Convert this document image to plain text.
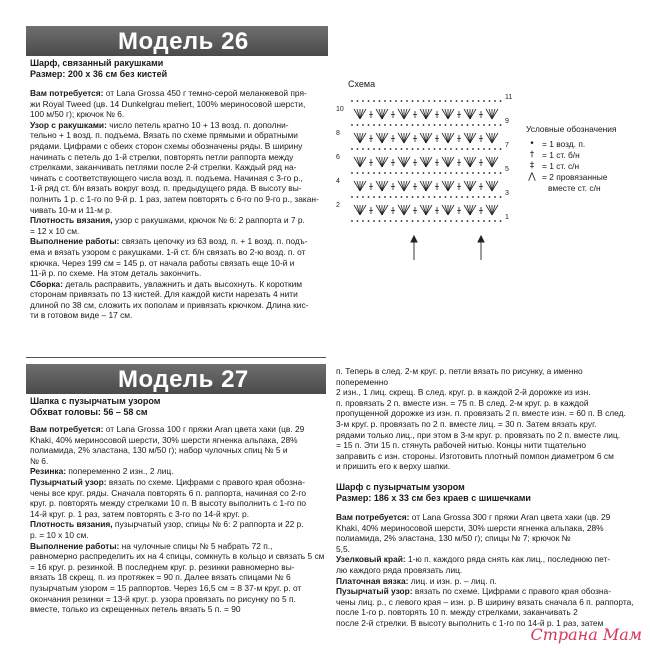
Модель 26
Шарф, связанный ракушками
Размер: 200 х 36 см без кистей

Вам потребуется: от Lana Grossa 450 г темно-серой меланжевой пря-
жи Royal Tweed (цв. 14 Dunkelgrau meliert, 100% мериносовой шерсти,
100 м/50 г); крючок № 6.

Узор с ракушками: число петель кратно 10 + 13 возд. п. дополни-
тельно + 1 возд. п. подъема. Вязать по схеме прямыми и обратными
рядами. Цифрами с обеих сторон схемы обозначены ряды. В ширину
начинать с петель до 1-й стрелки, повторять петли раппорта между
стрелками, заканчивать петлями после 2-й стрелки. Каждый ряд на-
чинать с соответствующего числа возд. п. подъема. Начиная с 3-го р.,
1-й ряд ст. б/н вязать вокруг возд. п. предыдущего ряда. В высоту вы-
полнить 1 р. с 1-го по 9-й р. 1 раз, затем повторять с 6-го по 9-го р., закан-
чивать 10-м и 11-м р.

Плотность вязания, узор с ракушками, крючок № 6: 2 раппорта и 7 р.
= 12 х 10 см.

Выполнение работы: связать цепочку из 63 возд. п. + 1 возд. п. подъ-
ема и вязать узором с ракушками. 1-й ст. б/н связать во 2-ю возд. п. от
крючка. Через 199 см = 145 р. от начала работы связать еще 10-й и
11-й р. по схеме. На этом деталь закончить.

Сборка: деталь расправить, увлажнить и дать высохнуть. К коротким
сторонам привязать по 13 кистей. Для каждой кисти нарезать 4 нити
длиной по 38 см, сложить их пополам и привязать крючком. Длина кис-
ти в готовом виде – 17 см.

Схема
10
8
6
4
2
11
9
7
5
3
1
Условные обозначения
• = 1 возд. п.
† = 1 ст. б/н
‡ = 1 ст. с/н
⋀ = 2 провязанные
вместе ст. с/н
Модель 27
Шапка с пузырчатым узором
Обхват головы: 56 – 58 см

Вам потребуется: от Lana Grossa 100 г пряжи Aran цвета хаки (цв. 29
Khaki, 40% мериносовой шерсти, 30% шерсти ягненка альпака, 28%
полиамида, 2% эластана, 130 м/50 г); набор чулочных спиц № 5 и
№ 6.

Резинка: попеременно 2 изн., 2 лиц.

Пузырчатый узор: вязать по схеме. Цифрами с правого края обозна-
чены все круг. ряды. Сначала повторять 6 п. раппорта, начиная со 2-го
круг. р. повторять между стрелками 10 п. В высоту выполнить с 1-го по
14-й круг. р. 1 раз, затем повторять с 3-го по 14-й круг. р.

Плотность вязания, пузырчатый узор, спицы № 6: 2 раппорта и 22 р.
р. = 10 х 10 см.

Выполнение работы: на чулочные спицы № 5 набрать 72 п.,
равномерно распределить их на 4 спицы, сомкнуть в кольцо и связать 5 см
= 16 круг. р. резинкой. В последнем круг. р. резинки равномерно вы-
вязать 18 скрещ. п. из протяжек = 90 п. Далее вязать спицами № 6
пузырчатым узором = 15 раппортов. Через 16,5 см = 8 37-м круг. р. от
окончания резинки = 13-й круг. р. узора провязать по рисунку по 5 п.
вместе, только из скрещенных петель вязать 5 п. = 90

п. Теперь в след. 2-м круг. р. петли вязать по рисунку, а именно попеременно
2 изн., 1 лиц. скрещ. В след. круг. р. в каждой 2-й дорожке из изн.
п. провязать 2 п. вместе изн. = 75 п. В след. 2-м круг. р. в каждой
пропущенной дорожке из изн. п. провязать 2 п. вместе изн. = 60 п. В след.
3-м круг. р. провязать по 2 п. вместе лиц. = 30 п. Затем вязать круг.
рядами только лиц., при этом в 3-м круг. р. провязать по 2 п. вместе лиц.
= 15 п. Эти 15 п. стянуть рабочей нитью. Концы нити тщательно
заправить с изн. стороны. Изготовить плотный помпон диаметром 6 см
и пришить его к верху шапки.

Шарф с пузырчатым узором
Размер: 186 х 33 см без краев с шишечками

Вам потребуется: от Lana Grossa 300 г пряжи Aran цвета хаки (цв. 29
Khaki, 40% мериносовой шерсти, 30% шерсти ягненка альпака, 28%
полиамида, 2% эластана, 130 м/50 г); спицы № 7; крючок №
5,5.

Узелковый край: 1-ю п. каждого ряда снять как лиц., последнюю пет-
лю каждого ряда провязать лиц.

Платочная вязка: лиц. и изн. р. – лиц. п.

Пузырчатый узор: вязать по схеме. Цифрами с правого края обозна-
чены лиц. р., с левого края – изн. р. В ширину вязать сначала 6 п. раппорта,
после 1-го р. повторять 10 п. между стрелками, заканчивать 2
после 2-й стрелки. В высоту выполнить с 1-го по 14-й р. 1 раз, затем

Страна Мам
